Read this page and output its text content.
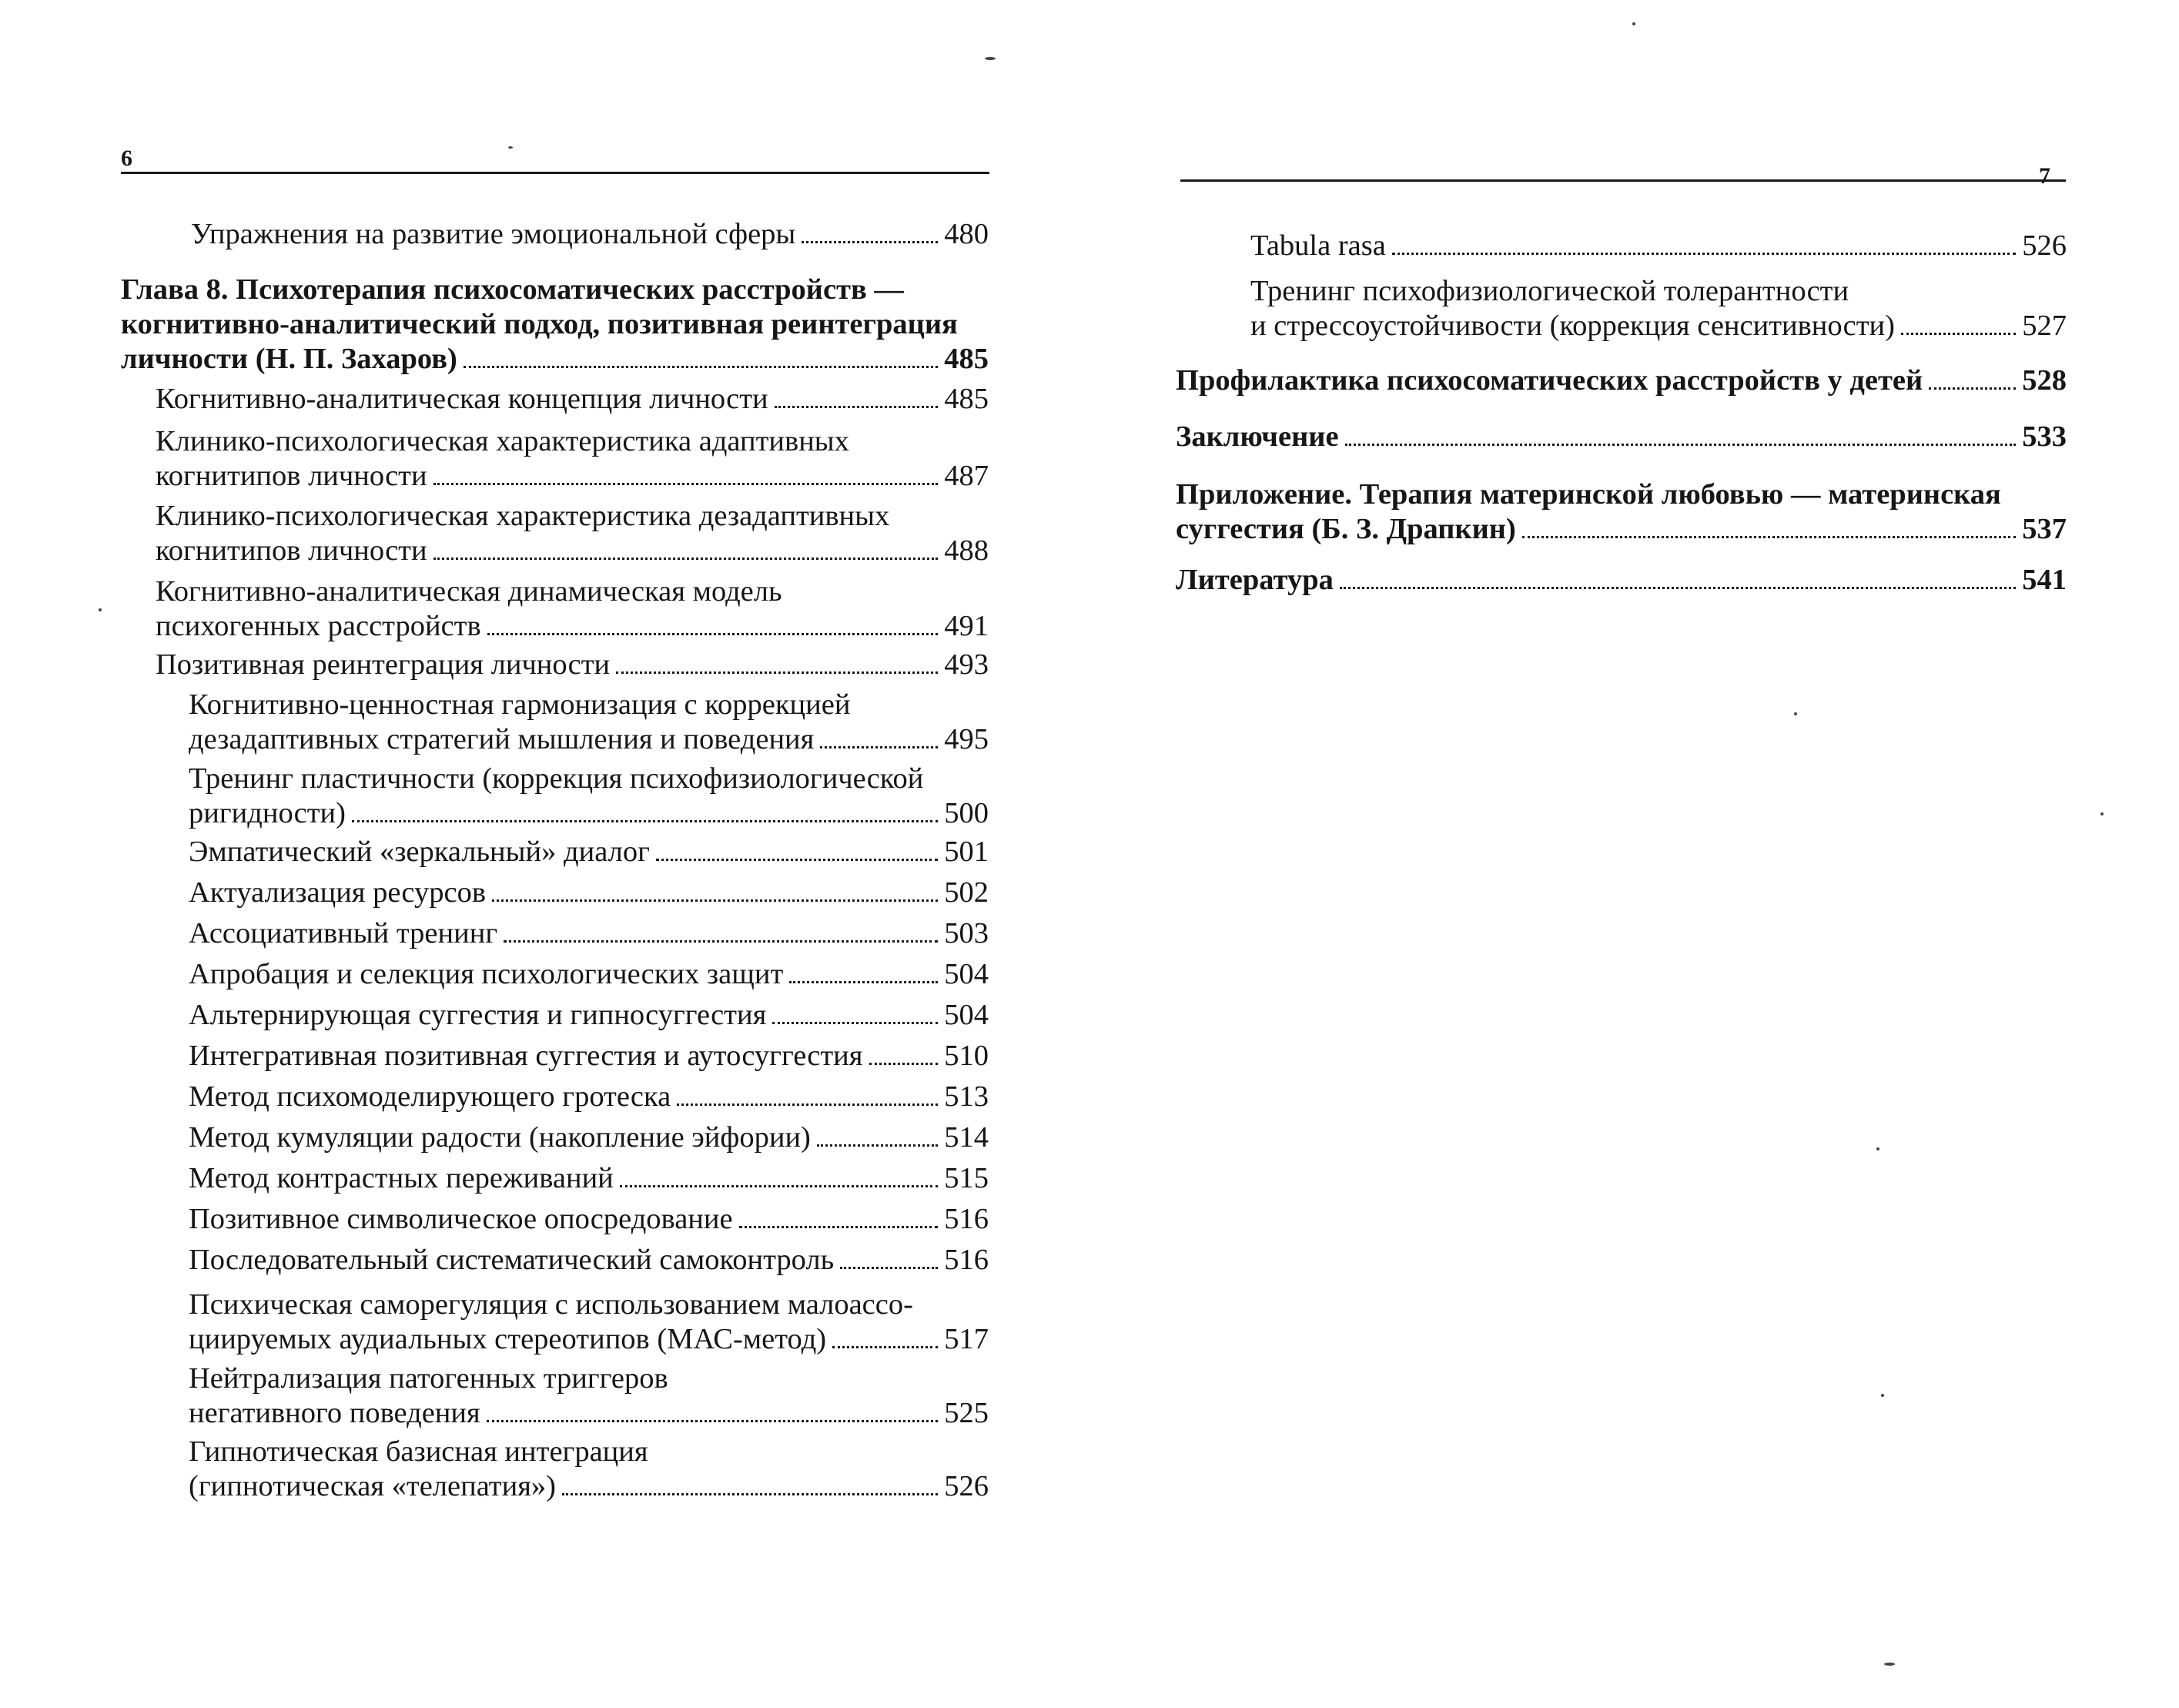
6
Упражнения на развитие эмоциональной сферы	480
Глава 8. Психотерапия психосоматических расстройств —
когнитивно-аналитический подход, позитивная реинтеграция
личности (Н. П. Захаров)	485
Когнитивно-аналитическая концепция личности	485
Клинико-психологическая характеристика адаптивных
когнитипов личности	487
Клинико-психологическая характеристика дезадаптивных
когнитипов личности	488
Когнитивно-аналитическая динамическая модель
психогенных расстройств	491
Позитивная реинтеграция личности	493
Когнитивно-ценностная гармонизация с коррекцией
дезадаптивных стратегий мышления и поведения	495
Тренинг пластичности (коррекция психофизиологической
ригидности)	500
Эмпатический «зеркальный» диалог	501
Актуализация ресурсов	502
Ассоциативный тренинг	503
Апробация и селекция психологических защит	504
Альтернирующая суггестия и гипносуггестия	504
Интегративная позитивная суггестия и аутосуггестия	510
Метод психомоделирующего гротеска	513
Метод кумуляции радости (накопление эйфории)	514
Метод контрастных переживаний	515
Позитивное символическое опосредование	516
Последовательный систематический самоконтроль	516
Психическая саморегуляция с использованием малоассо-
циируемых аудиальных стереотипов (МАС-метод)	517
Нейтрализация патогенных триггеров
негативного поведения	525
Гипнотическая базисная интеграция
(гипнотическая «телепатия»)	526
7
Tabula rasa	526
Тренинг психофизиологической толерантности
и стрессоустойчивости (коррекция сенситивности)	527
Профилактика психосоматических расстройств у детей	528
Заключение	533
Приложение. Терапия материнской любовью — материнская
суггестия (Б. З. Драпкин)	537
Литература	541
